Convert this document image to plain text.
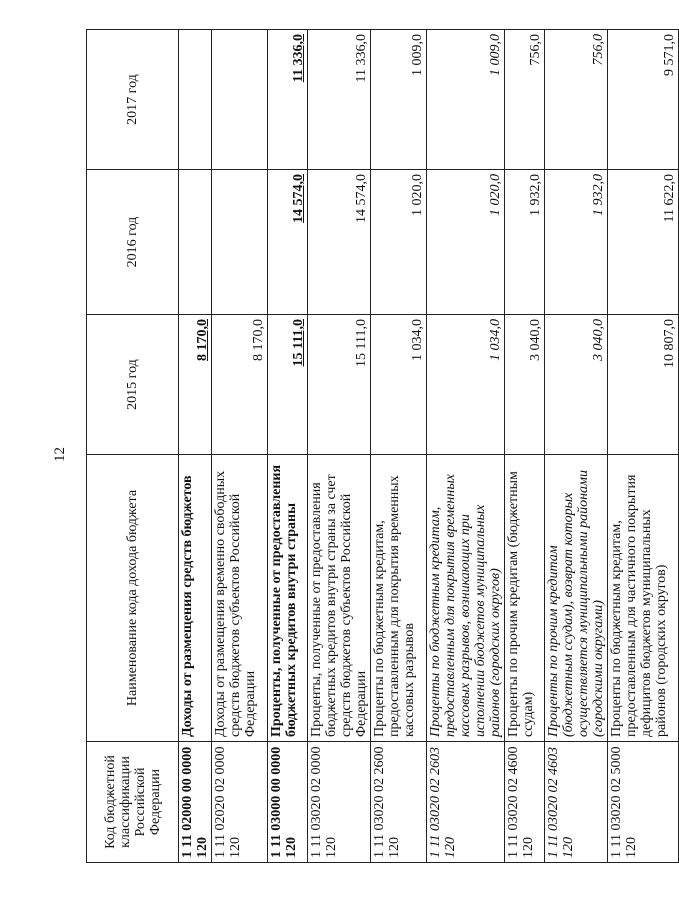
12
Код бюджетной классификации Российской Федерации	Наименование кода дохода бюджета	2015 год	2016 год	2017 год
1 11 02000 00 0000 120	Доходы от размещения средств бюджетов	8 170,0		
1 11 02020 02 0000 120	Доходы от размещения временно свободных средств бюджетов субъектов Российской Федерации	8 170,0		
1 11 03000 00 0000 120	Проценты, полученные от предоставления бюджетных кредитов внутри страны	15 111,0	14 574,0	11 336,0
1 11 03020 02 0000 120	Проценты, полученные от предоставления бюджетных кредитов внутри страны за счет средств бюджетов субъектов Российской Федерации	15 111,0	14 574,0	11 336,0
1 11 03020 02 2600 120	Проценты по бюджетным кредитам, предоставленным для покрытия временных кассовых разрывов	1 034,0	1 020,0	1 009,0
1 11 03020 02 2603 120	Проценты по бюджетным кредитам, предоставленным для покрытия временных кассовых разрывов, возникающих при исполнении бюджетов муниципальных районов (городских округов)	1 034,0	1 020,0	1 009,0
1 11 03020 02 4600 120	Проценты по прочим кредитам (бюджетным ссудам)	3 040,0	1 932,0	756,0
1 11 03020 02 4603 120	Проценты по прочим кредитам (бюджетным ссудам), возврат которых осуществляется муниципальными районами (городскими округами)	3 040,0	1 932,0	756,0
1 11 03020 02 5000 120	Проценты по бюджетным кредитам, предоставленным для частичного покрытия дефицитов бюджетов муниципальных районов (городских округов)	10 807,0	11 622,0	9 571,0
